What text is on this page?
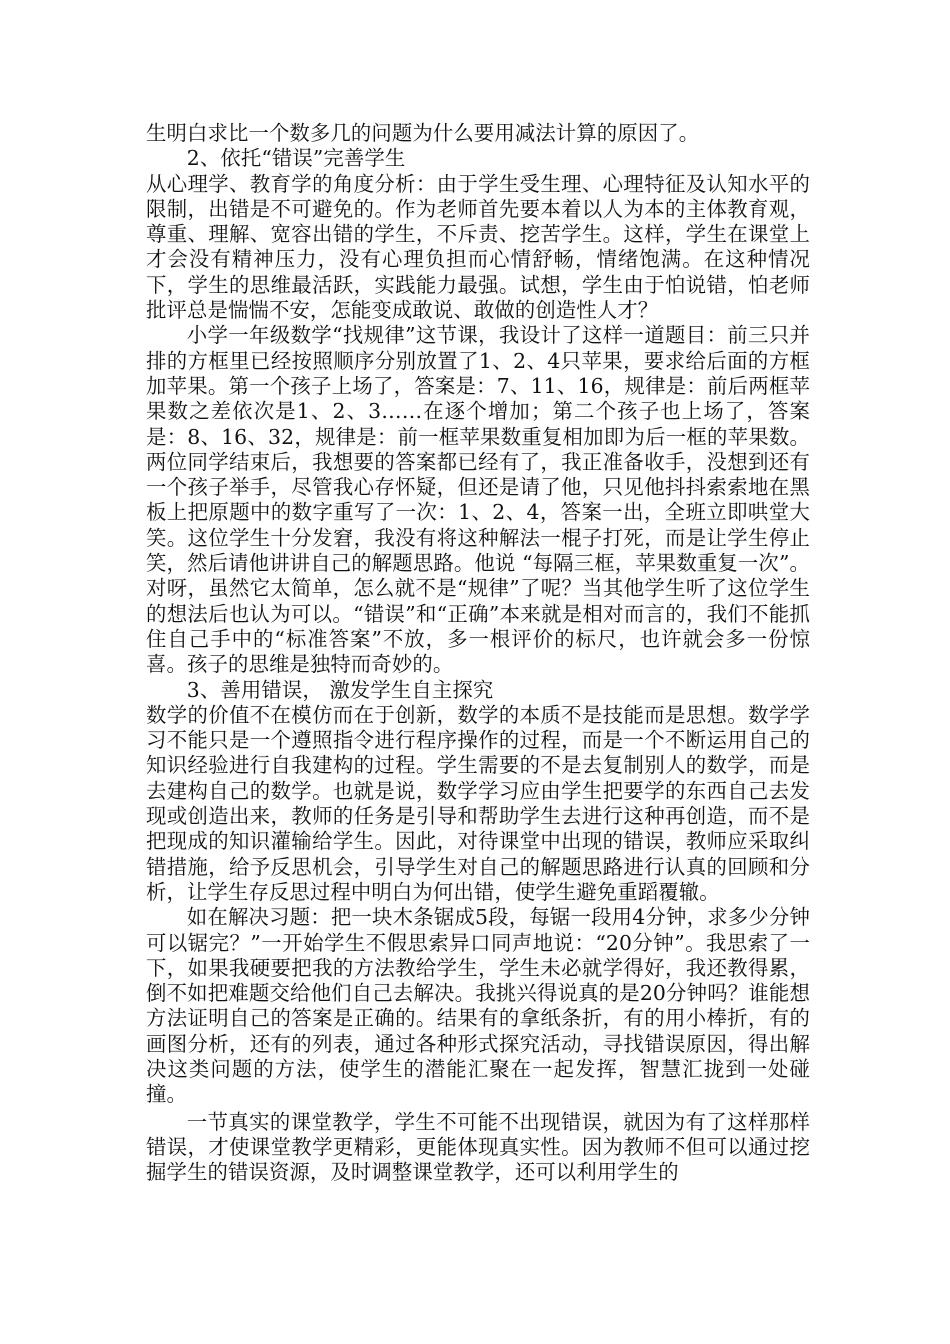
生明白求比一个数多几的问题为什么要用减法计算的原因了。

2、依托“错误”完善学生

从心理学、教育学的角度分析：由于学生受生理、心理特征及认知水平的限制，出错是不可避免的。作为老师首先要本着以人为本的主体教育观，尊重、理解、宽容出错的学生，不斥责、挖苦学生。这样，学生在课堂上才会没有精神压力，没有心理负担而心情舒畅，情绪饱满。在这种情况下，学生的思维最活跃，实践能力最强。试想，学生由于怕说错，怕老师批评总是惴惴不安，怎能变成敢说、敢做的创造性人才？

小学一年级数学“找规律”这节课，我设计了这样一道题目：前三只并排的方框里已经按照顺序分别放置了1、2、4只苹果，要求给后面的方框加苹果。第一个孩子上场了，答案是：7、11、16，规律是：前后两框苹果数之差依次是1、2、3……在逐个增加；第二个孩子也上场了，答案是：8、16、32，规律是：前一框苹果数重复相加即为后一框的苹果数。两位同学结束后，我想要的答案都已经有了，我正准备收手，没想到还有一个孩子举手，尽管我心存怀疑，但还是请了他，只见他抖抖索索地在黑板上把原题中的数字重写了一次：1、2、4，答案一出，全班立即哄堂大笑。这位学生十分发窘，我没有将这种解法一棍子打死，而是让学生停止笑，然后请他讲讲自己的解题思路。他说 “每隔三框，苹果数重复一次”。对呀，虽然它太简单，怎么就不是“规律”了呢？当其他学生听了这位学生的想法后也认为可以。“错误”和“正确”本来就是相对而言的，我们不能抓住自己手中的“标准答案”不放，多一根评价的标尺，也许就会多一份惊喜。孩子的思维是独特而奇妙的。

3、善用错误， 激发学生自主探究

数学的价值不在模仿而在于创新，数学的本质不是技能而是思想。数学学习不能只是一个遵照指令进行程序操作的过程，而是一个不断运用自己的知识经验进行自我建构的过程。学生需要的不是去复制别人的数学，而是去建构自己的数学。也就是说，数学学习应由学生把要学的东西自己去发现或创造出来，教师的任务是引导和帮助学生去进行这种再创造，而不是把现成的知识灌输给学生。因此，对待课堂中出现的错误，教师应采取纠错措施，给予反思机会，引导学生对自己的解题思路进行认真的回顾和分析，让学生存反思过程中明白为何出错，使学生避免重蹈覆辙。

如在解决习题：把一块木条锯成5段，每锯一段用4分钟，求多少分钟可以锯完？”一开始学生不假思索异口同声地说：“20分钟”。我思索了一下，如果我硬要把我的方法教给学生，学生未必就学得好，我还教得累，倒不如把难题交给他们自己去解决。我挑兴得说真的是20分钟吗？谁能想方法证明自己的答案是正确的。结果有的拿纸条折，有的用小棒折，有的画图分析，还有的列表，通过各种形式探究活动，寻找错误原因，得出解决这类问题的方法，使学生的潜能汇聚在一起发挥，智慧汇拢到一处碰撞。

一节真实的课堂教学，学生不可能不出现错误，就因为有了这样那样错误，才使课堂教学更精彩，更能体现真实性。因为教师不但可以通过挖掘学生的错误资源，及时调整课堂教学，还可以利用学生的
